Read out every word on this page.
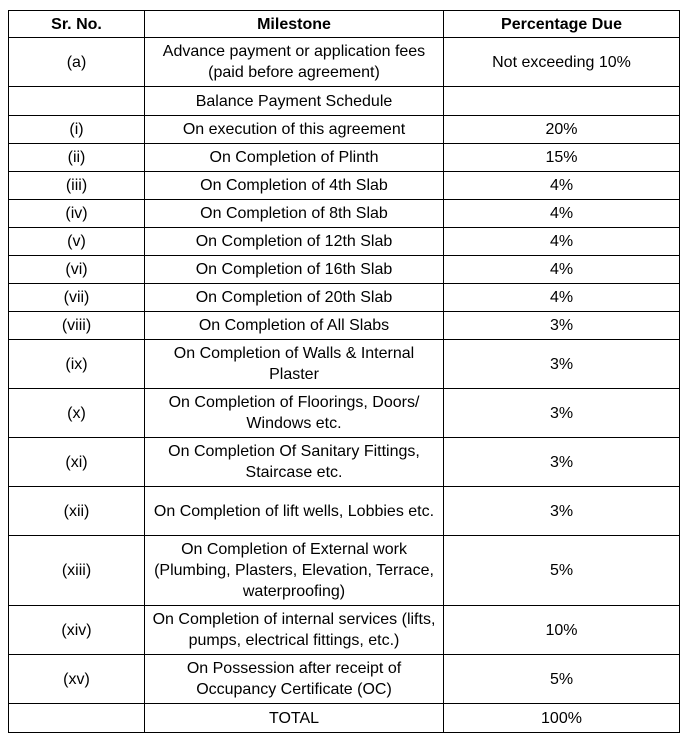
Sr. No.	Milestone	Percentage Due
(a)	Advance payment or application fees (paid before agreement)	Not exceeding 10%
	Balance Payment Schedule	
(i)	On execution of this agreement	20%
(ii)	On Completion of Plinth	15%
(iii)	On Completion of 4th Slab	4%
(iv)	On Completion of 8th Slab	4%
(v)	On Completion of 12th Slab	4%
(vi)	On Completion of 16th Slab	4%
(vii)	On Completion of 20th Slab	4%
(viii)	On Completion of All Slabs	3%
(ix)	On Completion of Walls & Internal Plaster	3%
(x)	On Completion of Floorings, Doors/ Windows etc.	3%
(xi)	On Completion Of Sanitary Fittings, Staircase etc.	3%
(xii)	On Completion of lift wells, Lobbies etc.	3%
(xiii)	On Completion of External work (Plumbing, Plasters, Elevation, Terrace, waterproofing)	5%
(xiv)	On Completion of internal services (lifts, pumps, electrical fittings, etc.)	10%
(xv)	On Possession after receipt of Occupancy Certificate (OC)	5%
	TOTAL	100%
